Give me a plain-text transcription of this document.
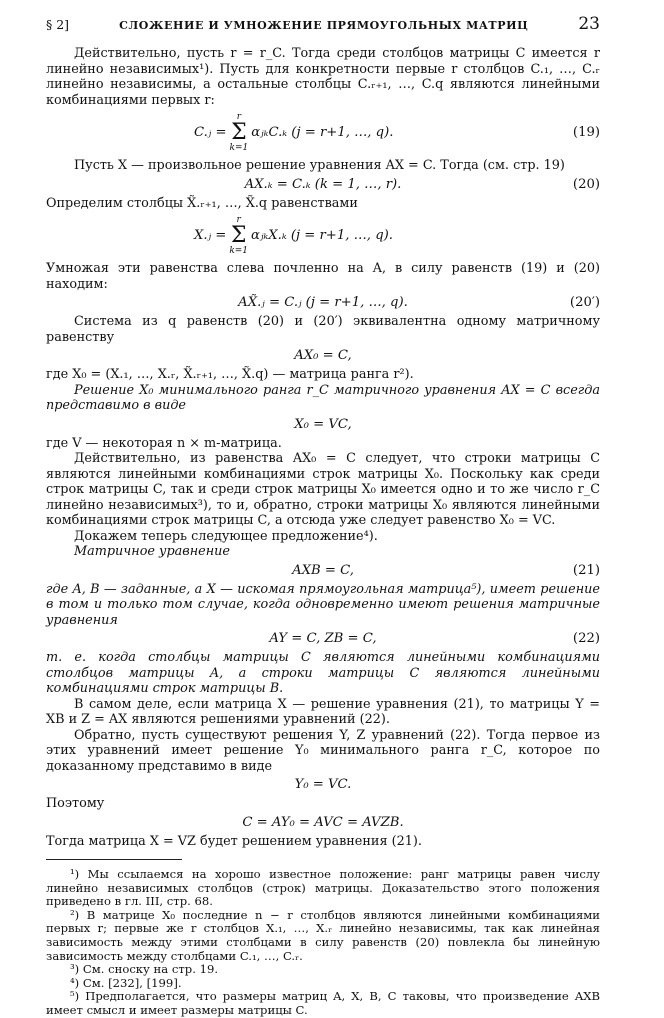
§ 2]	СЛОЖЕНИЕ И УМНОЖЕНИЕ ПРЯМОУГОЛЬНЫХ МАТРИЦ	23

Действительно, пусть r = r_C. Тогда среди столбцов матрицы C имеется r линейно независимых¹). Пусть для конкретности первые r столбцов C.₁, …, C.ᵣ линейно независимы, а остальные столбцы C.ᵣ₊₁, …, C.q являются линейными комбинациями первых r:

C.ⱼ =
r
Σ
k=1
αⱼₖC.ₖ (j = r+1, …, q).	(19)

Пусть X — произвольное решение уравнения AX = C. Тогда (см. стр. 19)

AX.ₖ = C.ₖ (k = 1, …, r).	(20)

Определим столбцы X̃.ᵣ₊₁, …, X̃.q равенствами

X.ⱼ =
r
Σ
k=1
αⱼₖX.ₖ (j = r+1, …, q).

Умножая эти равенства слева почленно на A, в силу равенств (19) и (20) находим:

AX̃.ⱼ = C.ⱼ (j = r+1, …, q).	(20′)

Система из q равенств (20) и (20′) эквивалентна одному матричному равенству

AX₀ = C,

где X₀ = (X.₁, …, X.ᵣ, X̃.ᵣ₊₁, …, X̃.q) — матрица ранга r²).

Решение X₀ минимального ранга r_C матричного уравнения AX = C всегда представимо в виде

X₀ = VC,

где V — некоторая n × m-матрица.

Действительно, из равенства AX₀ = C следует, что строки матрицы C являются линейными комбинациями строк матрицы X₀. Поскольку как среди строк матрицы C, так и среди строк матрицы X₀ имеется одно и то же число r_C линейно независимых³), то и, обратно, строки матрицы X₀ являются линейными комбинациями строк матрицы C, а отсюда уже следует равенство X₀ = VC.

Докажем теперь следующее предложение⁴).

Матричное уравнение

AXB = C,	(21)

где A, B — заданные, а X — искомая прямоугольная матрица⁵), имеет решение в том и только том случае, когда одновременно имеют решения матричные уравнения

AY = C, ZB = C,	(22)

т. е. когда столбцы матрицы C являются линейными комбинациями столбцов матрицы A, а строки матрицы C являются линейными комбинациями строк матрицы B.

В самом деле, если матрица X — решение уравнения (21), то матрицы Y = XB и Z = AX являются решениями уравнений (22).

Обратно, пусть существуют решения Y, Z уравнений (22). Тогда первое из этих уравнений имеет решение Y₀ минимального ранга r_C, которое по доказанному представимо в виде

Y₀ = VC.

Поэтому

C = AY₀ = AVC = AVZB.

Тогда матрица X = VZ будет решением уравнения (21).

¹) Мы ссылаемся на хорошо известное положение: ранг матрицы равен числу линейно независимых столбцов (строк) матрицы. Доказательство этого положения приведено в гл. III, стр. 68.

²) В матрице X₀ последние n − r столбцов являются линейными комбинациями первых r; первые же r столбцов X.₁, …, X.ᵣ линейно независимы, так как линейная зависимость между этими столбцами в силу равенств (20) повлекла бы линейную зависимость между столбцами C.₁, …, C.ᵣ.

³) См. сноску на стр. 19.

⁴) См. [232], [199].

⁵) Предполагается, что размеры матриц A, X, B, C таковы, что произведение AXB имеет смысл и имеет размеры матрицы C.
